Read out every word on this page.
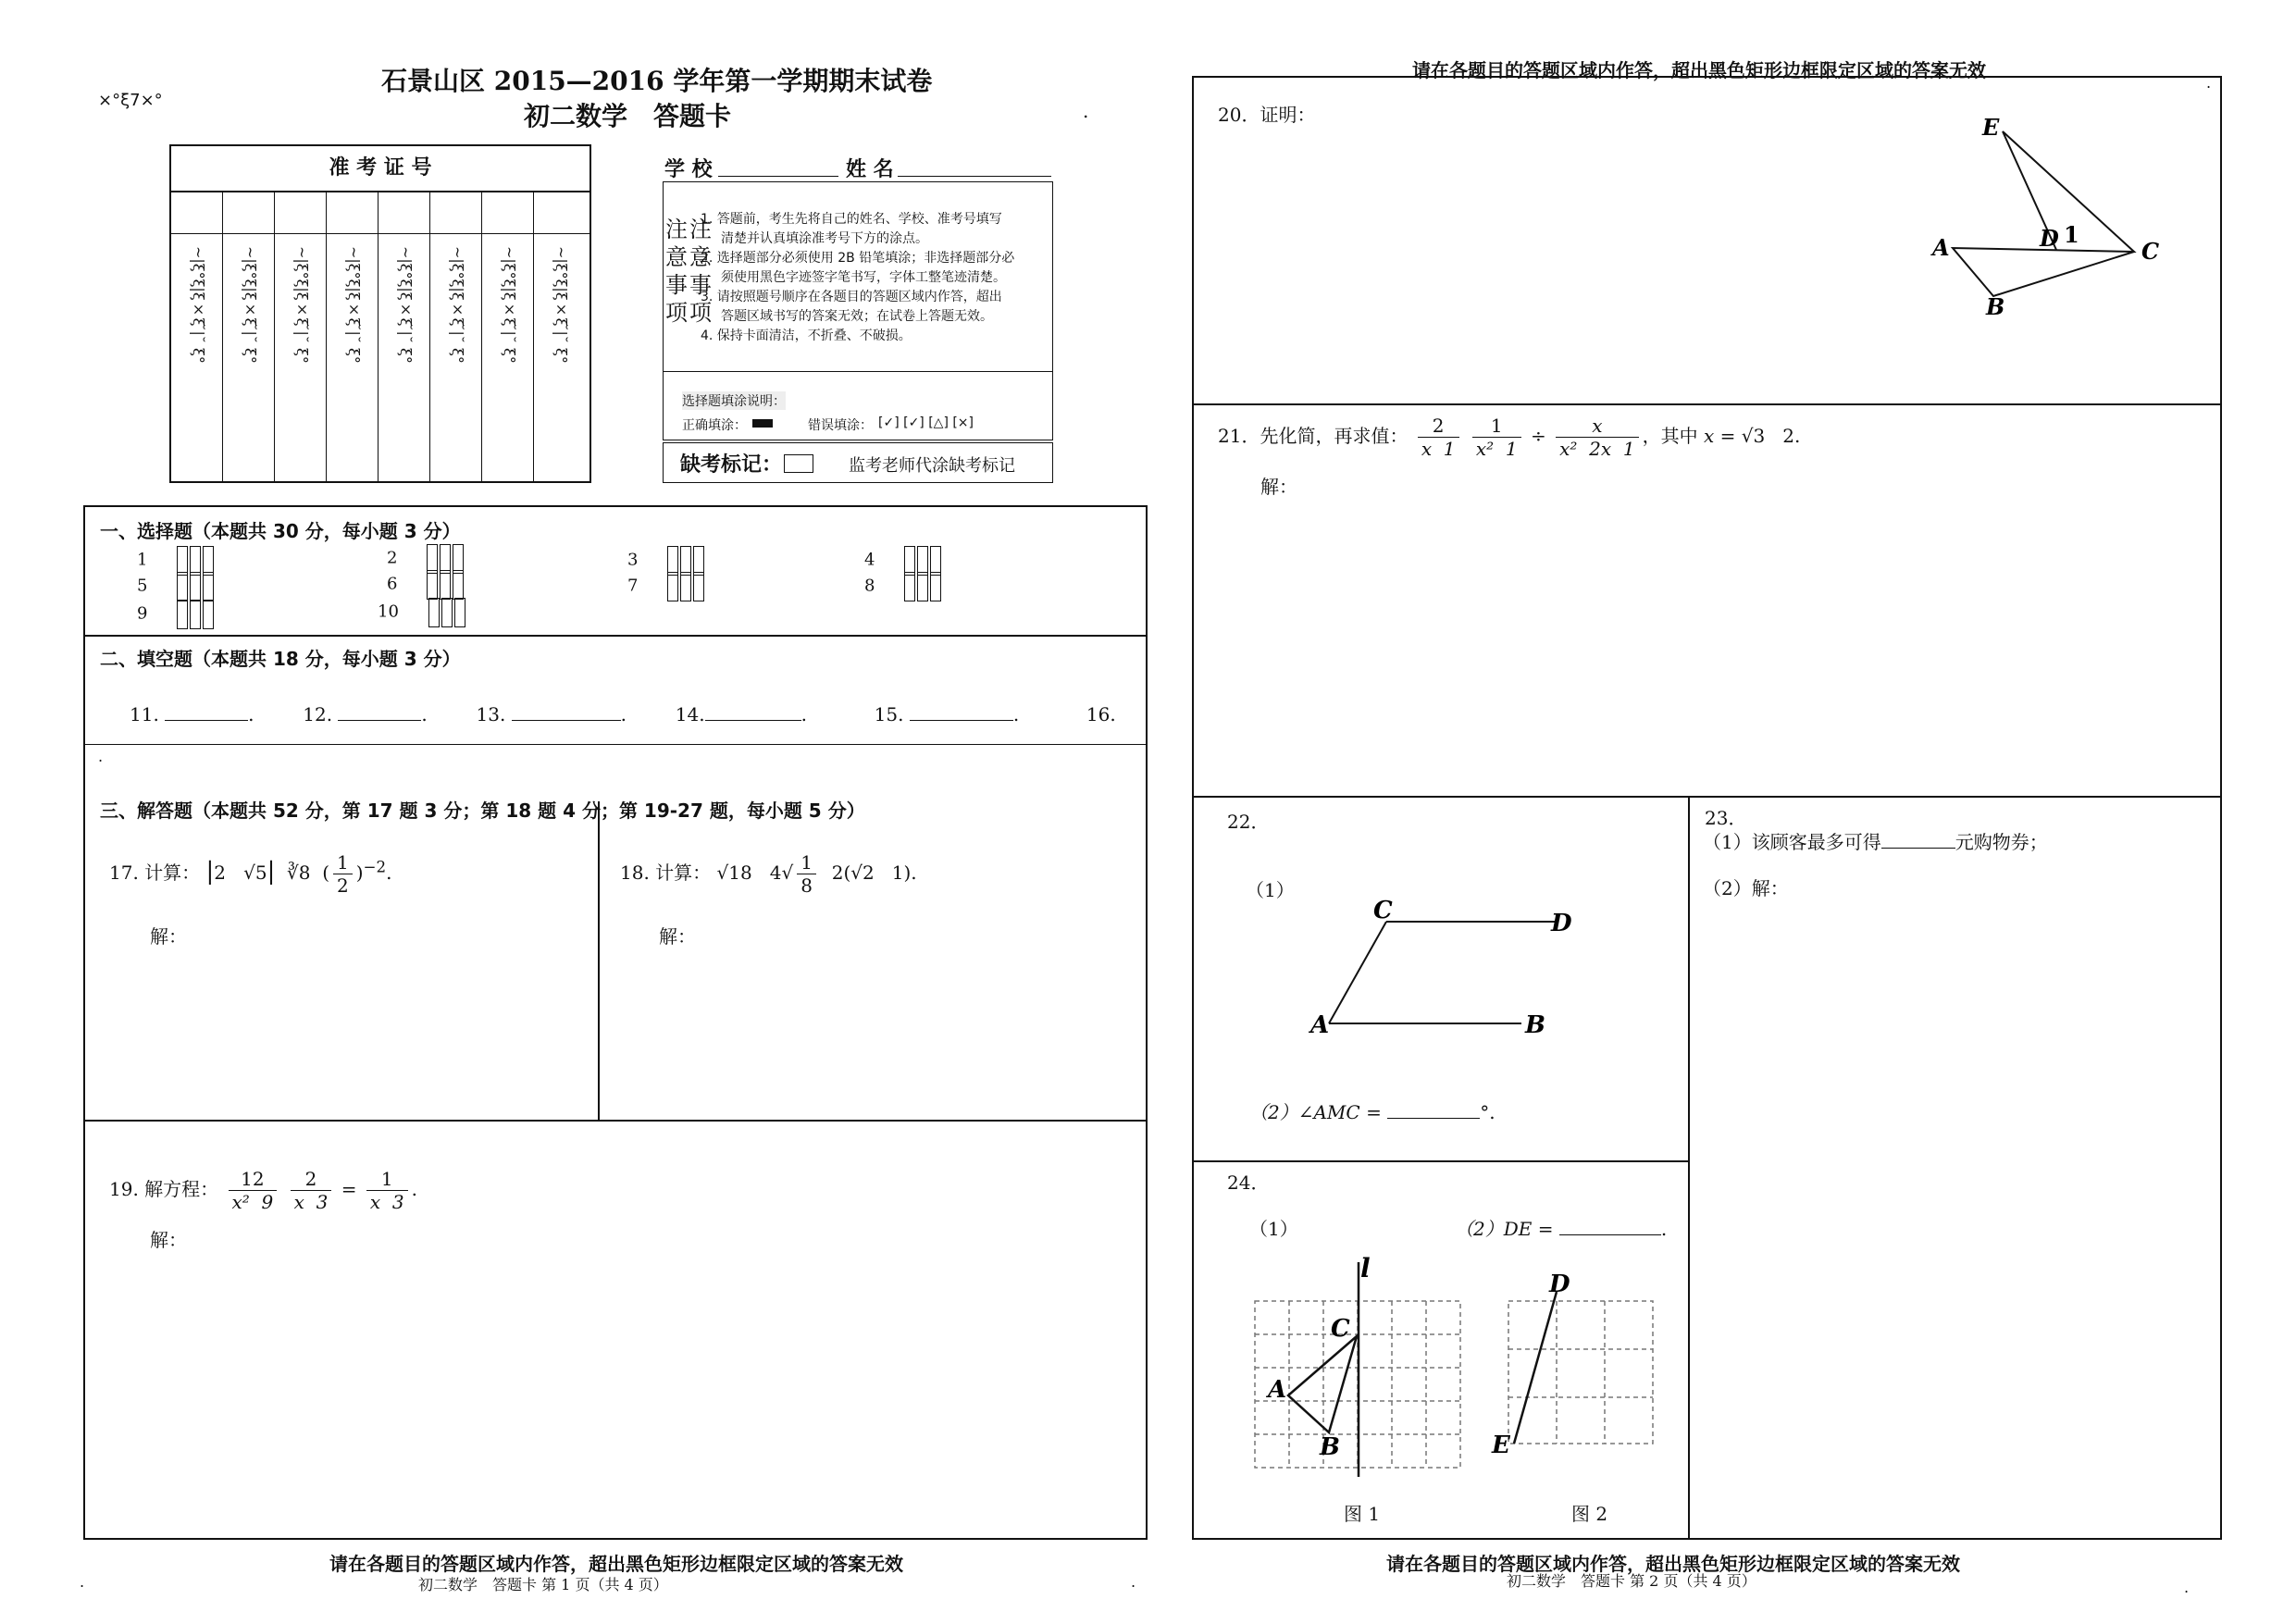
×°ξ7×°
石景山区 2015—2016 学年第一学期期末试卷
初二数学　答题卡	.
准 考 证 号
~|ξ°ξ|ξ×ξ ̆|˘ ξ° ~|ξ°ξ|ξ×ξ ̆|˘ ξ° ~|ξ°ξ|ξ×ξ ̆|˘ ξ° ~|ξ°ξ|ξ×ξ ̆|˘ ξ° ~|ξ°ξ|ξ×ξ ̆|˘ ξ° ~|ξ°ξ|ξ×ξ ̆|˘ ξ° ~|ξ°ξ|ξ×ξ ̆|˘ ξ° ~|ξ°ξ|ξ×ξ ̆|˘ ξ°
学 校	姓 名
注 意 事 项
注 意 事 项
1. 答题前，考生先将自己的姓名、学校、准考号填写
清楚并认真填涂准考号下方的涂点。
2. 选择题部分必须使用 2B 铅笔填涂；非选择题部分必
须使用黑色字迹签字笔书写，字体工整笔迹清楚。
3. 请按照题号顺序在各题目的答题区域内作答，超出
答题区域书写的答案无效；在试卷上答题无效。
4. 保持卡面清洁，不折叠、不破损。
选择题填涂说明：
正确填涂：	错误填涂： [✓] [✓] [△] [×]
缺考标记：	监考老师代涂缺考标记
一、选择题（本题共 30 分，每小题 3 分）
1	2	3	4
5	6	7	8
9	10
二、填空题（本题共 18 分，每小题 3 分）
11.	.  12.	.  13.	.  14.	.	15.	.	16.
.
三、解答题（本题共 52 分，第 17 题 3 分；第 18 题 4 分；第 19-27 题，每小题 5 分）
17. 计算： |2   √5|  ∛8  ( $\frac{1}{2} )^{-2}$.
解：
18. 计算： √18   $4√ \frac{1}{8} 2(√2$   1).
解：
19. 解方程： $\frac{12}{\text{x²  9}}$
$\frac{2}{x 3} = \frac{1}{x 3}$ .
解：
请在各题目的答题区域内作答，超出黑色矩形边框限定区域的答案无效
初二数学　答题卡 第 1 页（共 4 页）
.	.
请在各题目的答题区域内作答，超出黑色矩形边框限定区域的答案无效
.
20．证明：	E
A	D 1
C
B
21．先化简，再求值： $\frac{2}{x 1}$
$\frac{1}{\text{x²  1}} \div \frac{x}{\text{x²  2x  1}}$ ，其中 x = √3   2.
解：
22．
（1）
C	D
A	B
（2）∠AMC =	°.
23．
（1）该顾客最多可得	元购物券；
（2）解：
24．
（1）	（2）DE =	.
l
C
A
B
D
E
图 1	图 2
请在各题目的答题区域内作答，超出黑色矩形边框限定区域的答案无效
初二数学　答题卡 第 2 页（共 4 页）	.
